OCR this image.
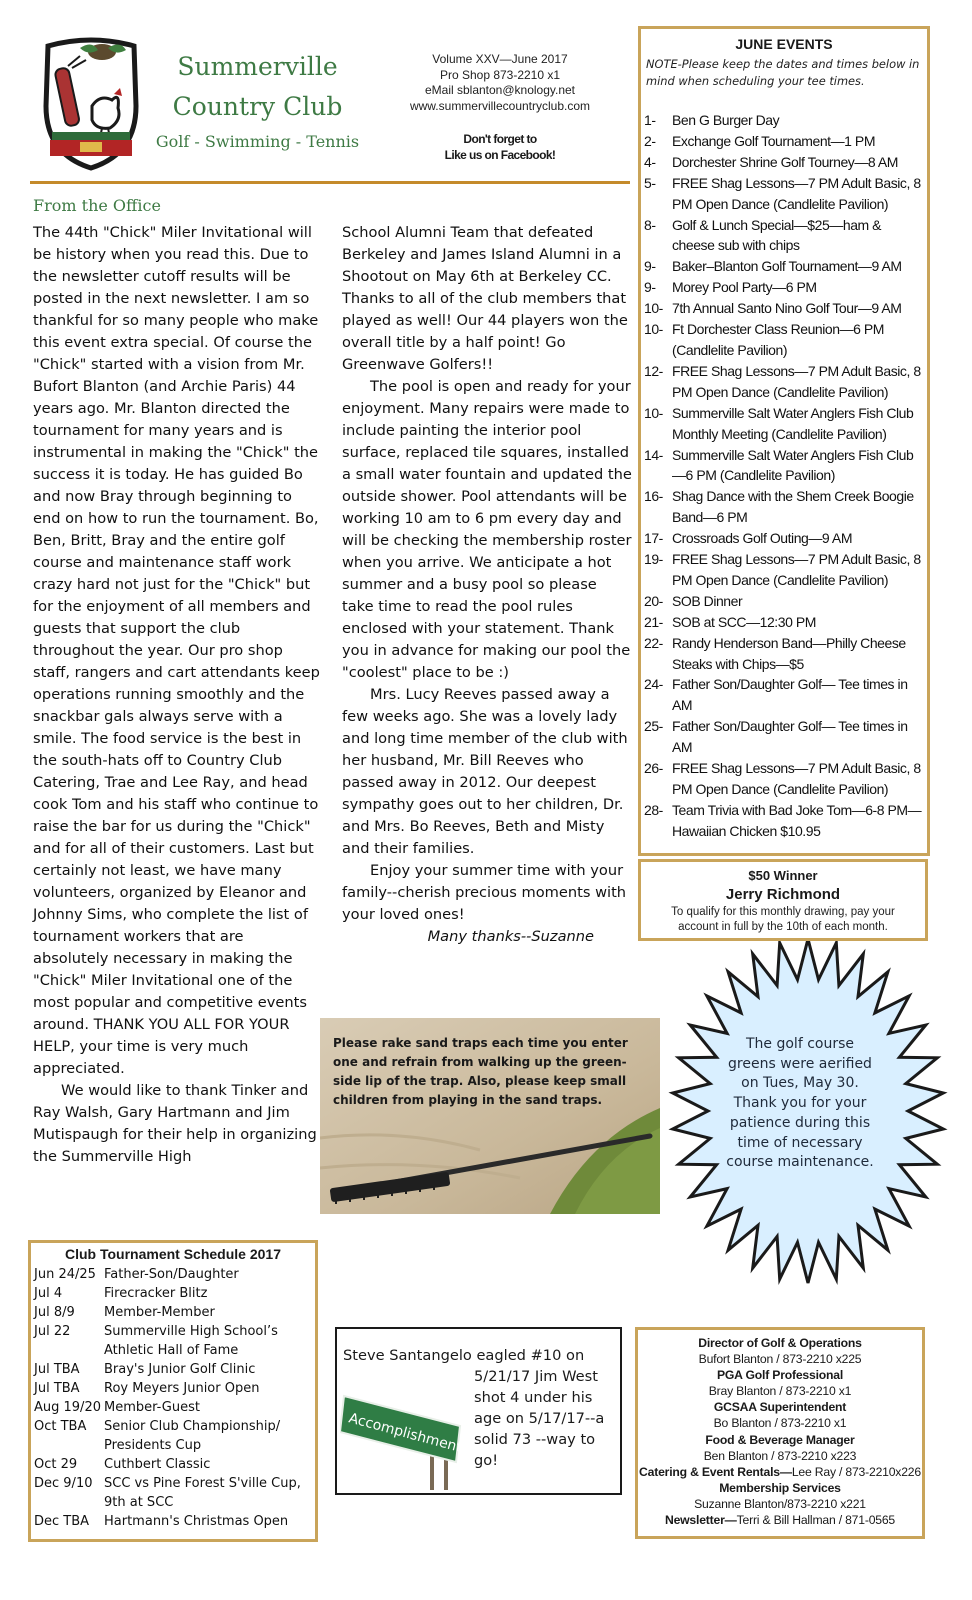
Summerville
Country Club
Golf - Swimming - Tennis
Volume XXV—June 2017
Pro Shop 873-2210 x1
eMail sblanton@knology.net
www.summervillecountryclub.com
Don't forget to
Like us on Facebook!
From the Office

The 44th "Chick" Miler Invitational will be history when you read this. Due to the newsletter cutoff results will be posted in the next newsletter. I am so thankful for so many people who make this event extra special. Of course the "Chick" started with a vision from Mr. Bufort Blanton (and Archie Paris) 44 years ago. Mr. Blanton directed the tournament for many years and is instrumental in making the "Chick" the success it is today. He has guided Bo and now Bray through beginning to end on how to run the tournament. Bo, Ben, Britt, Bray and the entire golf course and maintenance staff work crazy hard not just for the "Chick" but for the enjoyment of all members and guests that support the club throughout the year. Our pro shop staff, rangers and cart attendants keep operations running smoothly and the snackbar gals always serve with a smile. The food service is the best in the south-hats off to Country Club Catering, Trae and Lee Ray, and head cook Tom and his staff who continue to raise the bar for us during the "Chick" and for all of their customers. Last but certainly not least, we have many volunteers, organized by Eleanor and Johnny Sims, who complete the list of tournament workers that are absolutely necessary in making the "Chick" Miler Invitational one of the most popular and competitive events around. THANK YOU ALL FOR YOUR HELP, your time is very much appreciated.

We would like to thank Tinker and Ray Walsh, Gary Hartmann and Jim Mutispaugh for their help in organizing the Summerville High

School Alumni Team that defeated Berkeley and James Island Alumni in a Shootout on May 6th at Berkeley CC. Thanks to all of the club members that played as well! Our 44 players won the overall title by a half point! Go Greenwave Golfers!!

The pool is open and ready for your enjoyment. Many repairs were made to include painting the interior pool surface, replaced tile squares, installed a small water fountain and updated the outside shower. Pool attendants will be working 10 am to 6 pm every day and will be checking the membership roster when you arrive. We anticipate a hot summer and a busy pool so please take time to read the pool rules enclosed with your statement. Thank you in advance for making our pool the "coolest" place to be :)

Mrs. Lucy Reeves passed away a few weeks ago. She was a lovely lady and long time member of the club with her husband, Mr. Bill Reeves who passed away in 2012. Our deepest sympathy goes out to her children, Dr. and Mrs. Bo Reeves, Beth and Misty and their families.

Enjoy your summer time with your family--cherish precious moments with your loved ones!

Many thanks--Suzanne

Please rake sand traps each time you enter one and refrain from walking up the green-side lip of the trap. Also, please keep small children from playing in the sand traps.
The golf course greens were aerified on Tues, May 30. Thank you for your patience during this time of necessary course maintenance.
JUNE EVENTS
NOTE-Please keep the dates and times below in mind when scheduling your tee times.
1- Ben G Burger Day
2- Exchange Golf Tournament—1 PM
4- Dorchester Shrine Golf Tourney—8 AM
5- FREE Shag Lessons—7 PM Adult Basic, 8 PM Open Dance (Candlelite Pavilion)
8- Golf & Lunch Special—$25—ham & cheese sub with chips
9- Baker–Blanton Golf Tournament—9 AM
9- Morey Pool Party—6 PM
10- 7th Annual Santo Nino Golf Tour—9 AM
10- Ft Dorchester Class Reunion—6 PM (Candlelite Pavilion)
12- FREE Shag Lessons—7 PM Adult Basic, 8 PM Open Dance (Candlelite Pavilion)
10- Summerville Salt Water Anglers Fish Club Monthly Meeting (Candlelite Pavilion)
14- Summerville Salt Water Anglers Fish Club—6 PM (Candlelite Pavilion)
16- Shag Dance with the Shem Creek Boogie Band—6 PM
17- Crossroads Golf Outing—9 AM
19- FREE Shag Lessons—7 PM Adult Basic, 8 PM Open Dance (Candlelite Pavilion)
20- SOB Dinner
21- SOB at SCC—12:30 PM
22- Randy Henderson Band—Philly Cheese Steaks with Chips—$5
24- Father Son/Daughter Golf— Tee times in AM
25- Father Son/Daughter Golf— Tee times in AM
26- FREE Shag Lessons—7 PM Adult Basic, 8 PM Open Dance (Candlelite Pavilion)
28- Team Trivia with Bad Joke Tom—6-8 PM—Hawaiian Chicken $10.95
$50 Winner
Jerry Richmond
To qualify for this monthly drawing, pay your account in full by the 10th of each month.
Club Tournament Schedule 2017
Jun 24/25 Father-Son/Daughter
Jul 4	Firecracker Blitz
Jul 8/9	Member-Member
Jul 22	Summerville High School’s Athletic Hall of Fame
Jul TBA	Bray's Junior Golf Clinic
Jul TBA	Roy Meyers Junior Open
Aug 19/20 Member-Guest
Oct TBA	Senior Club Championship/ Presidents Cup
Oct 29	Cuthbert Classic
Dec 9/10 SCC vs Pine Forest S'ville Cup, 9th at SCC
Dec TBA	Hartmann's Christmas Open
Steve Santangelo eagled #10 on
5/21/17 Jim West shot 4 under his age on 5/17/17--a solid 73 --way to go!
Accomplishment
Director of Golf & Operations
Bufort Blanton / 873-2210 x225
PGA Golf Professional
Bray Blanton / 873-2210 x1
GCSAA Superintendent
Bo Blanton / 873-2210 x1
Food & Beverage Manager
Ben Blanton / 873-2210 x223
Catering & Event Rentals—Lee Ray / 873-2210x226
Membership Services
Suzanne Blanton/873-2210 x221
Newsletter—Terri & Bill Hallman / 871-0565
